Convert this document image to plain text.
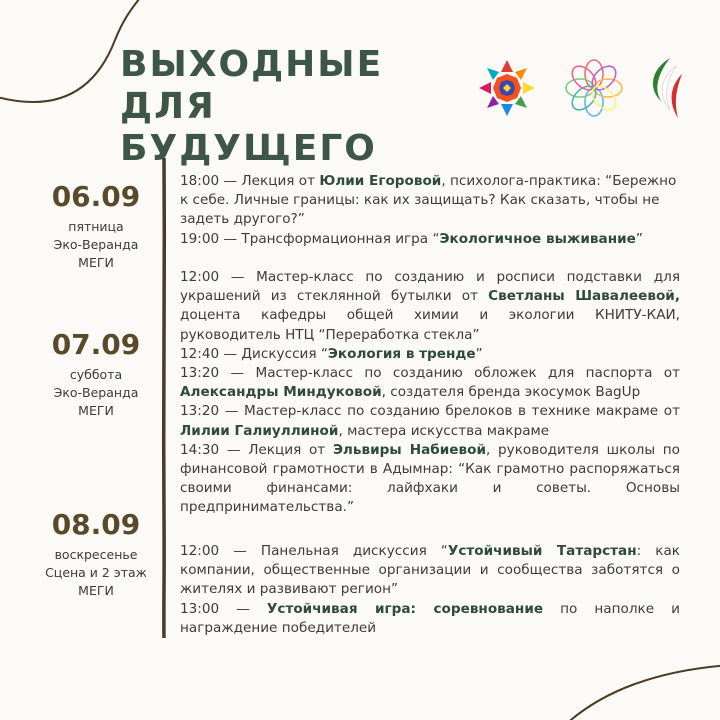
ВЫХОДНЫЕ ДЛЯ
БУДУЩЕГО
06.09
пятница
Эко-Веранда
МЕГИ
07.09
суббота
Эко-Веранда
МЕГИ
08.09
воскресенье
Сцена и 2 этаж
МЕГИ

18:00 — Лекция от Юлии Егоровой, психолога-практика: “Бережно к себе. Личные границы: как их защищать? Как сказать, чтобы не задеть другого?”

19:00 — Трансформационная игра “Экологичное выживание”

12:00 — Мастер-класс по созданию и росписи подставки для украшений из стеклянной бутылки от Светланы Шавалеевой, доцента кафедры общей химии и экологии КНИТУ-КАИ, руководитель НТЦ “Переработка стекла”

12:40 — Дискуссия “Экология в тренде”

13:20 — Мастер-класс по созданию обложек для паспорта от Александры Миндуковой, создателя бренда экосумок BagUp

13:20 — Мастер-класс по созданию брелоков в технике макраме от Лилии Галиуллиной, мастера искусства макраме

14:30 — Лекция от Эльвиры Набиевой, руководителя школы по финансовой грамотности в Адымнар: “Как грамотно распоряжаться своими финансами: лайфхаки и советы. Основы предпринимательства.”

12:00 — Панельная дискуссия “Устойчивый Татарстан: как компании, общественные организации и сообщества заботятся о жителях и развивают регион”

13:00 — Устойчивая игра: соревнование по наполке и награждение победителей
